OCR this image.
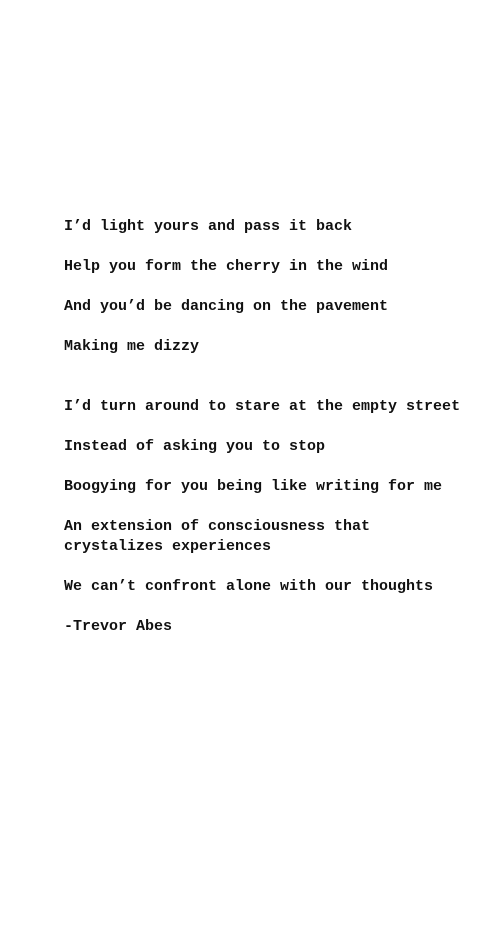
I’d light yours and pass it back

Help you form the cherry in the wind

And you’d be dancing on the pavement

Making me dizzy

I’d turn around to stare at the empty street

Instead of asking you to stop

Boogying for you being like writing for me

An extension of consciousness that crystalizes experiences

We can’t confront alone with our thoughts

-Trevor Abes
